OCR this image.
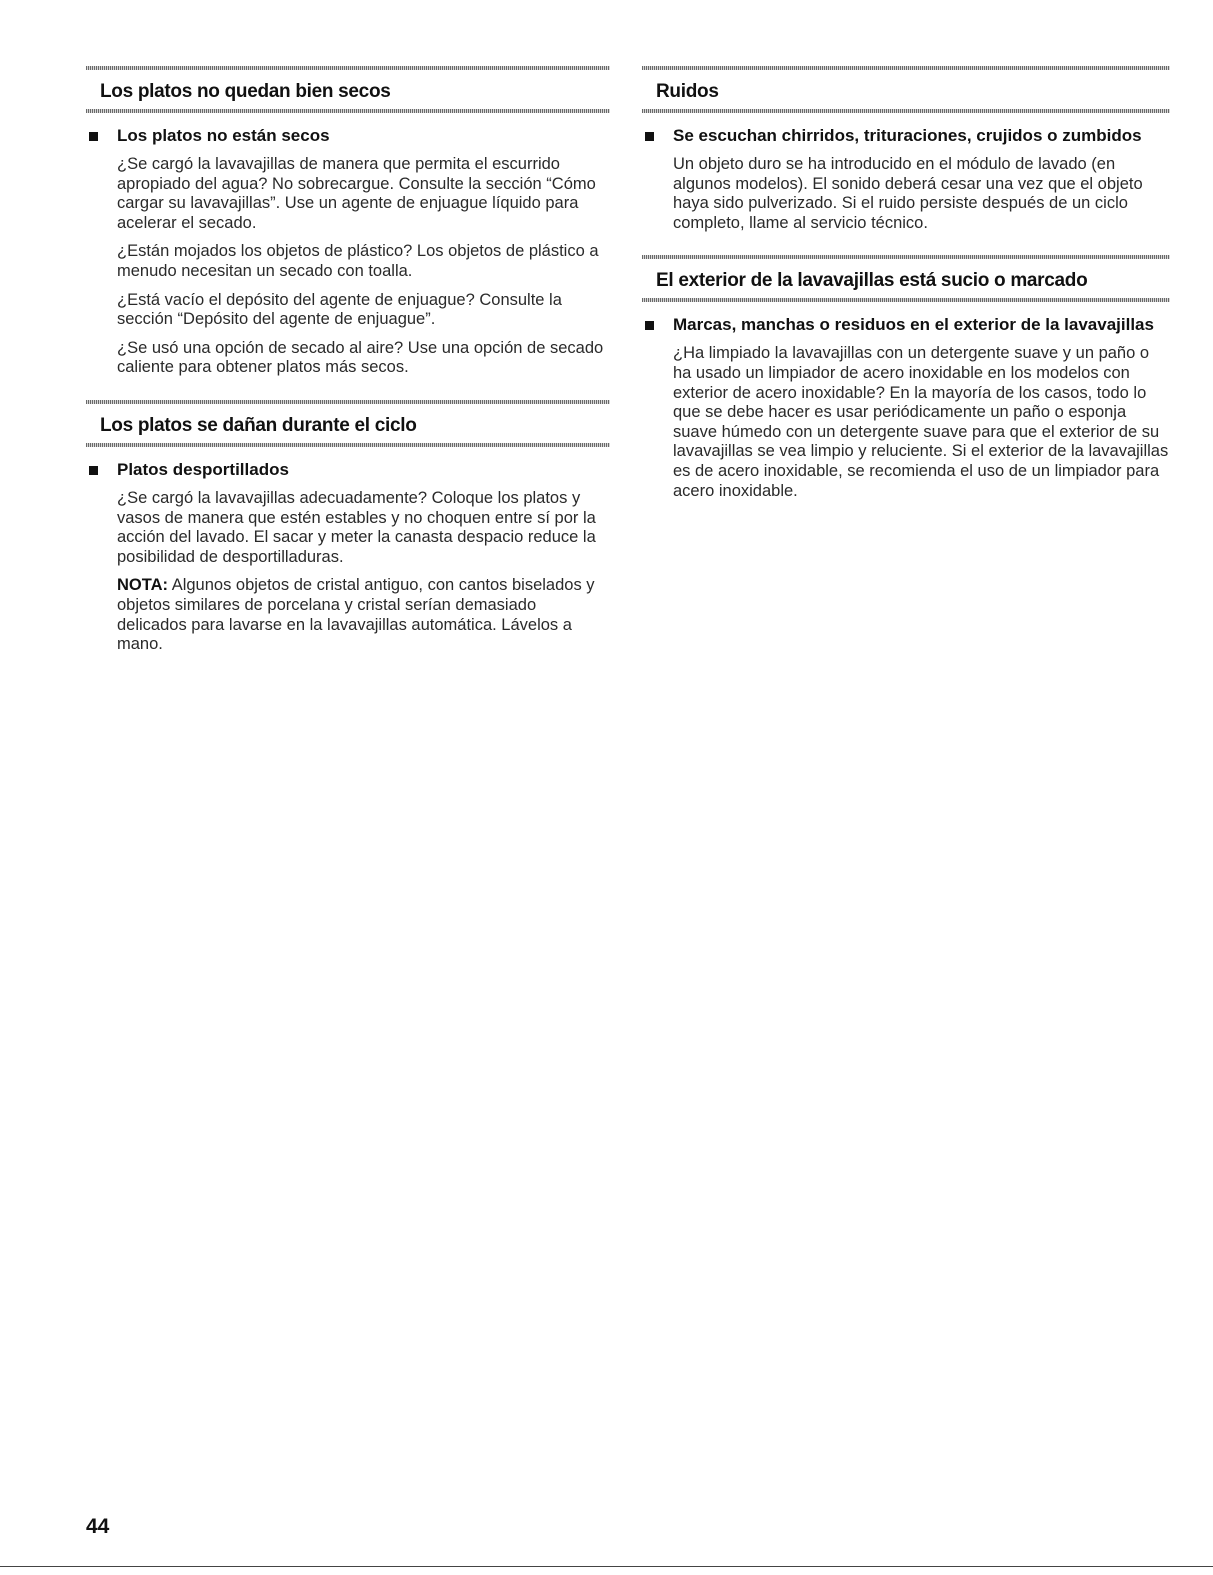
Los platos no quedan bien secos
Los platos no están secos

¿Se cargó la lavavajillas de manera que permita el escurrido apropiado del agua? No sobrecargue. Consulte la sección “Cómo cargar su lavavajillas”. Use un agente de enjuague líquido para acelerar el secado.

¿Están mojados los objetos de plástico? Los objetos de plástico a menudo necesitan un secado con toalla.

¿Está vacío el depósito del agente de enjuague? Consulte la sección “Depósito del agente de enjuague”.

¿Se usó una opción de secado al aire? Use una opción de secado caliente para obtener platos más secos.

Los platos se dañan durante el ciclo
Platos desportillados

¿Se cargó la lavavajillas adecuadamente? Coloque los platos y vasos de manera que estén estables y no choquen entre sí por la acción del lavado. El sacar y meter la canasta despacio reduce la posibilidad de desportilladuras.

NOTA: Algunos objetos de cristal antiguo, con cantos biselados y objetos similares de porcelana y cristal serían demasiado delicados para lavarse en la lavavajillas automática. Lávelos a mano.

Ruidos
Se escuchan chirridos, trituraciones, crujidos o zumbidos

Un objeto duro se ha introducido en el módulo de lavado (en algunos modelos). El sonido deberá cesar una vez que el objeto haya sido pulverizado. Si el ruido persiste después de un ciclo completo, llame al servicio técnico.

El exterior de la lavavajillas está sucio o marcado
Marcas, manchas o residuos en el exterior de la lavavajillas

¿Ha limpiado la lavavajillas con un detergente suave y un paño o ha usado un limpiador de acero inoxidable en los modelos con exterior de acero inoxidable? En la mayoría de los casos, todo lo que se debe hacer es usar periódicamente un paño o esponja suave húmedo con un detergente suave para que el exterior de su lavavajillas se vea limpio y reluciente. Si el exterior de la lavavajillas es de acero inoxidable, se recomienda el uso de un limpiador para acero inoxidable.

44
